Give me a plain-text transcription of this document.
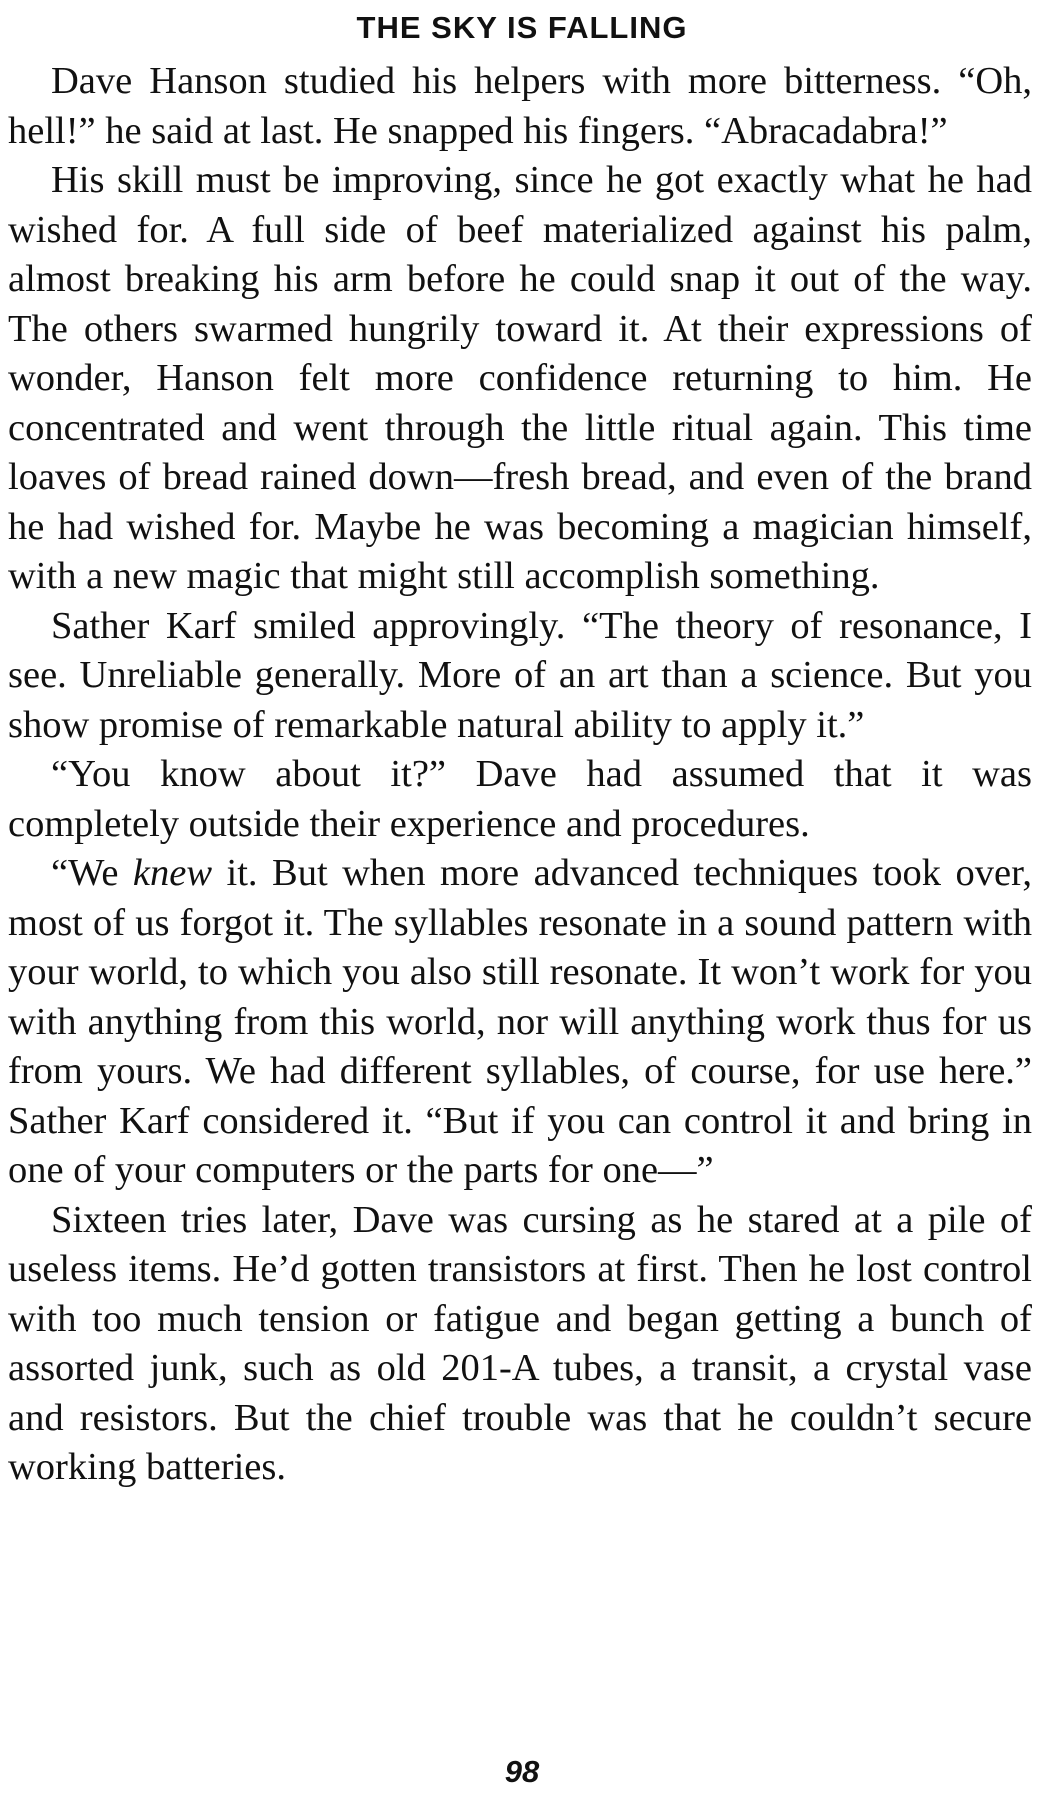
THE SKY IS FALLING

Dave Hanson studied his helpers with more bitterness. “Oh, hell!” he said at last. He snapped his fingers. “Abracadabra!”

His skill must be improving, since he got exactly what he had wished for. A full side of beef materialized against his palm, almost breaking his arm before he could snap it out of the way. The others swarmed hungrily toward it. At their expressions of wonder, Hanson felt more confidence returning to him. He concentrated and went through the little ritual again. This time loaves of bread rained down—fresh bread, and even of the brand he had wished for. Maybe he was becoming a magician himself, with a new magic that might still accomplish something.

Sather Karf smiled approvingly. “The theory of resonance, I see. Unreliable generally. More of an art than a science. But you show promise of remarkable natural ability to apply it.”

“You know about it?” Dave had assumed that it was completely outside their experience and procedures.

“We knew it. But when more advanced techniques took over, most of us forgot it. The syllables resonate in a sound pattern with your world, to which you also still resonate. It won’t work for you with anything from this world, nor will anything work thus for us from yours. We had different syllables, of course, for use here.” Sather Karf considered it. “But if you can control it and bring in one of your computers or the parts for one—”

Sixteen tries later, Dave was cursing as he stared at a pile of useless items. He’d gotten transistors at first. Then he lost control with too much tension or fatigue and began getting a bunch of assorted junk, such as old 201-A tubes, a transit, a crystal vase and resistors. But the chief trouble was that he couldn’t secure working batteries.

98
